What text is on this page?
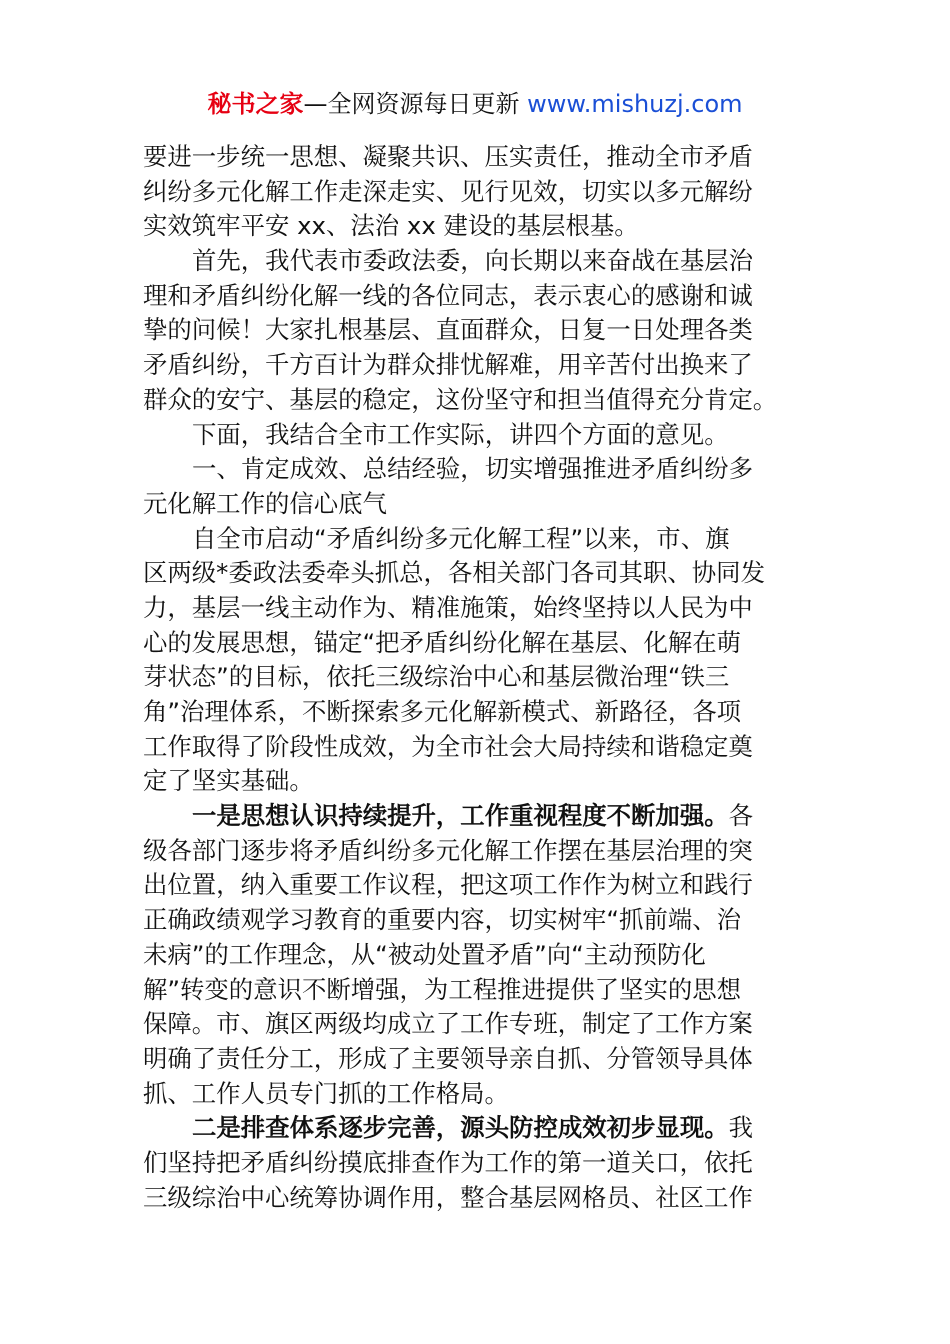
秘书之家—全网资源每日更新 www.mishuzj.com
要进一步统一思想、凝聚共识、压实责任，推动全市矛盾
纠纷多元化解工作走深走实、见行见效，切实以多元解纷
实效筑牢平安 xx、法治 xx 建设的基层根基。
首先，我代表市委政法委，向长期以来奋战在基层治
理和矛盾纠纷化解一线的各位同志，表示衷心的感谢和诚
挚的问候！大家扎根基层、直面群众，日复一日处理各类
矛盾纠纷，千方百计为群众排忧解难，用辛苦付出换来了
群众的安宁、基层的稳定，这份坚守和担当值得充分肯定。
下面，我结合全市工作实际，讲四个方面的意见。
一、肯定成效、总结经验，切实增强推进矛盾纠纷多
元化解工作的信心底气
自全市启动“矛盾纠纷多元化解工程”以来，市、旗
区两级*委政法委牵头抓总，各相关部门各司其职、协同发
力，基层一线主动作为、精准施策，始终坚持以人民为中
心的发展思想，锚定“把矛盾纠纷化解在基层、化解在萌
芽状态”的目标，依托三级综治中心和基层微治理“铁三
角”治理体系，不断探索多元化解新模式、新路径，各项
工作取得了阶段性成效，为全市社会大局持续和谐稳定奠
定了坚实基础。
一是思想认识持续提升，工作重视程度不断加强。各
级各部门逐步将矛盾纠纷多元化解工作摆在基层治理的突
出位置，纳入重要工作议程，把这项工作作为树立和践行
正确政绩观学习教育的重要内容，切实树牢“抓前端、治
未病”的工作理念，从“被动处置矛盾”向“主动预防化
解”转变的意识不断增强，为工程推进提供了坚实的思想
保障。市、旗区两级均成立了工作专班，制定了工作方案
明确了责任分工，形成了主要领导亲自抓、分管领导具体
抓、工作人员专门抓的工作格局。
二是排查体系逐步完善，源头防控成效初步显现。我
们坚持把矛盾纠纷摸底排查作为工作的第一道关口，依托
三级综治中心统筹协调作用，整合基层网格员、社区工作
